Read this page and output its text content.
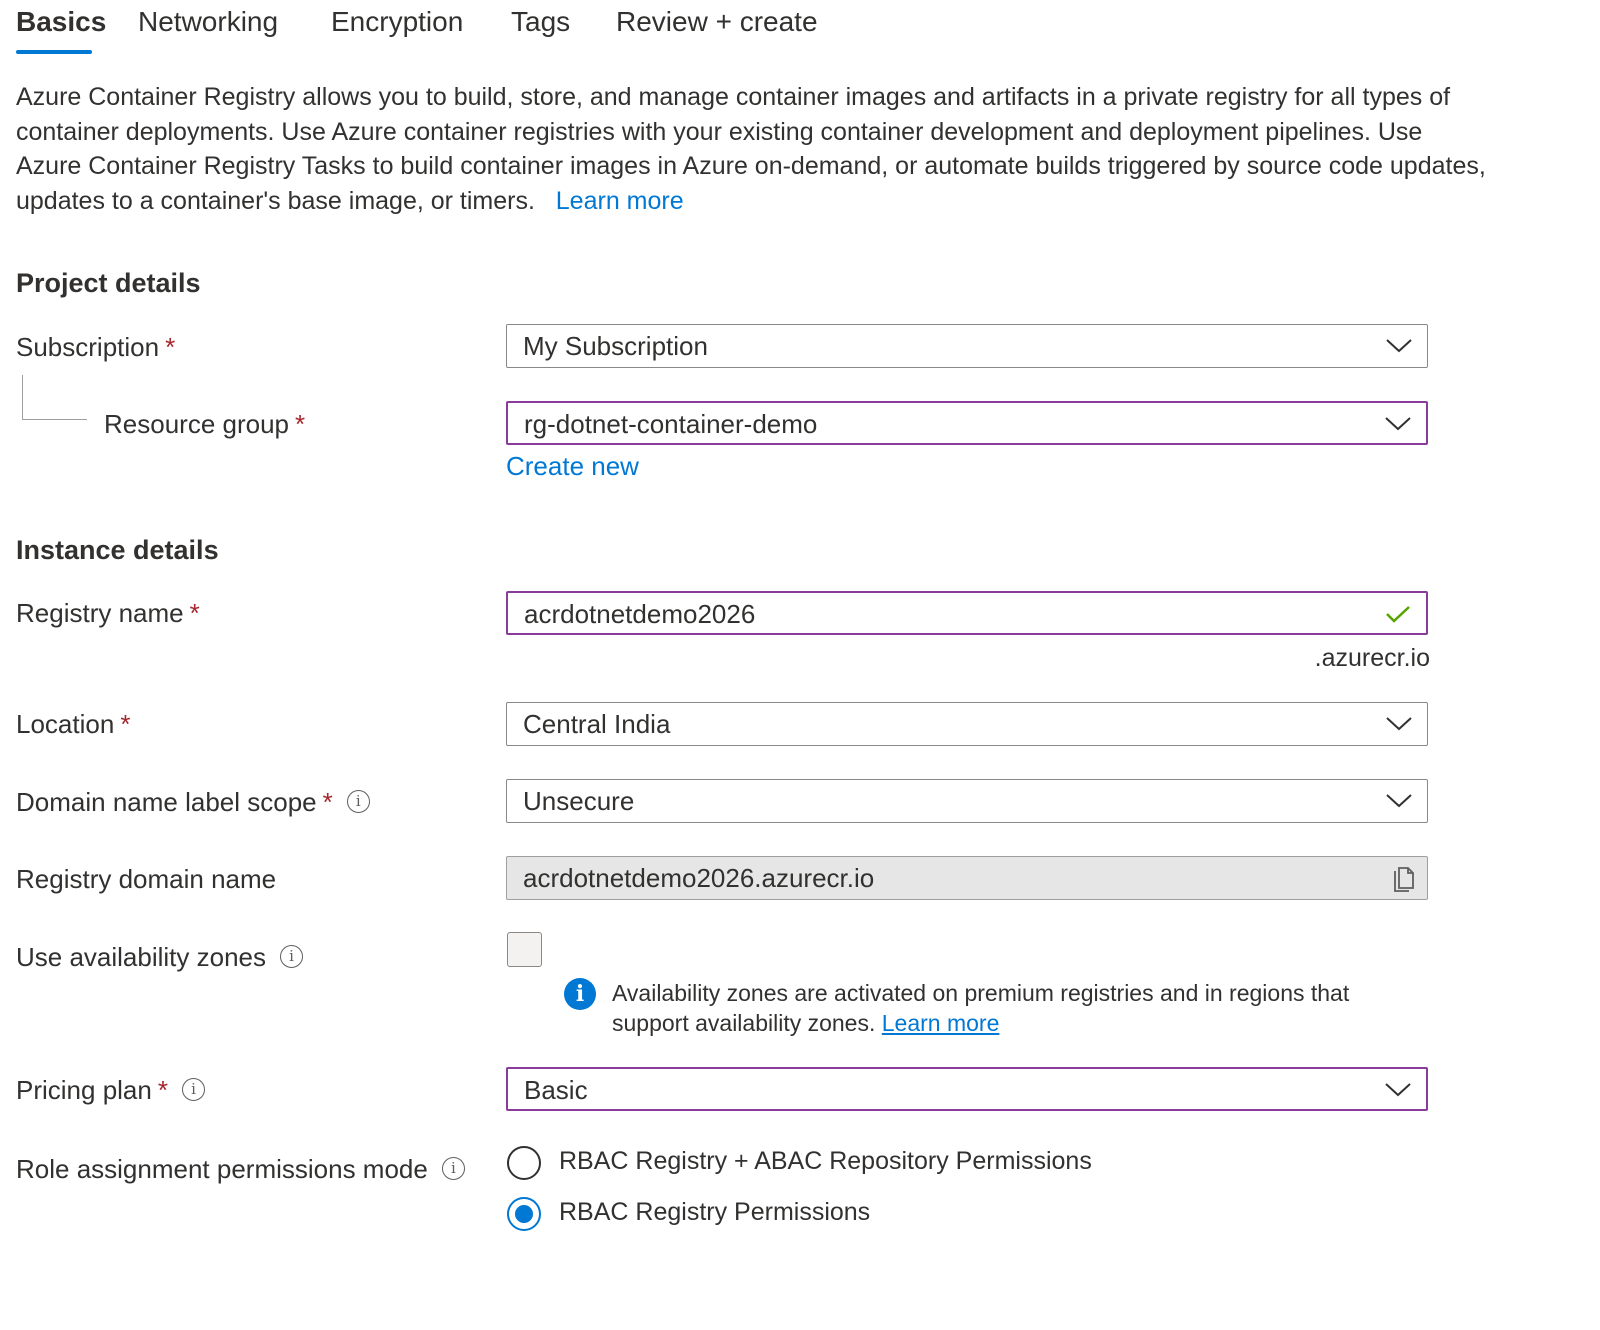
Basics Networking Encryption Tags Review + create
Azure Container Registry allows you to build, store, and manage container images and artifacts in a private registry for all types of container deployments. Use Azure container registries with your existing container development and deployment pipelines. Use Azure Container Registry Tasks to build container images in Azure on-demand, or automate builds triggered by source code updates, updates to a container's base image, or timers. Learn more
Project details
Subscription *	My Subscription
Resource group *	rg-dotnet-container-demo
Create new
Instance details
Registry name *	acrdotnetdemo2026
.azurecr.io
Location *	Central India
Domain name label scope * i	Unsecure
Registry domain name	acrdotnetdemo2026.azurecr.io
Use availability zones i
i	Availability zones are activated on premium registries and in regions that support availability zones. Learn more
Pricing plan * i	Basic
Role assignment permissions mode i	RBAC Registry + ABAC Repository Permissions
RBAC Registry Permissions
